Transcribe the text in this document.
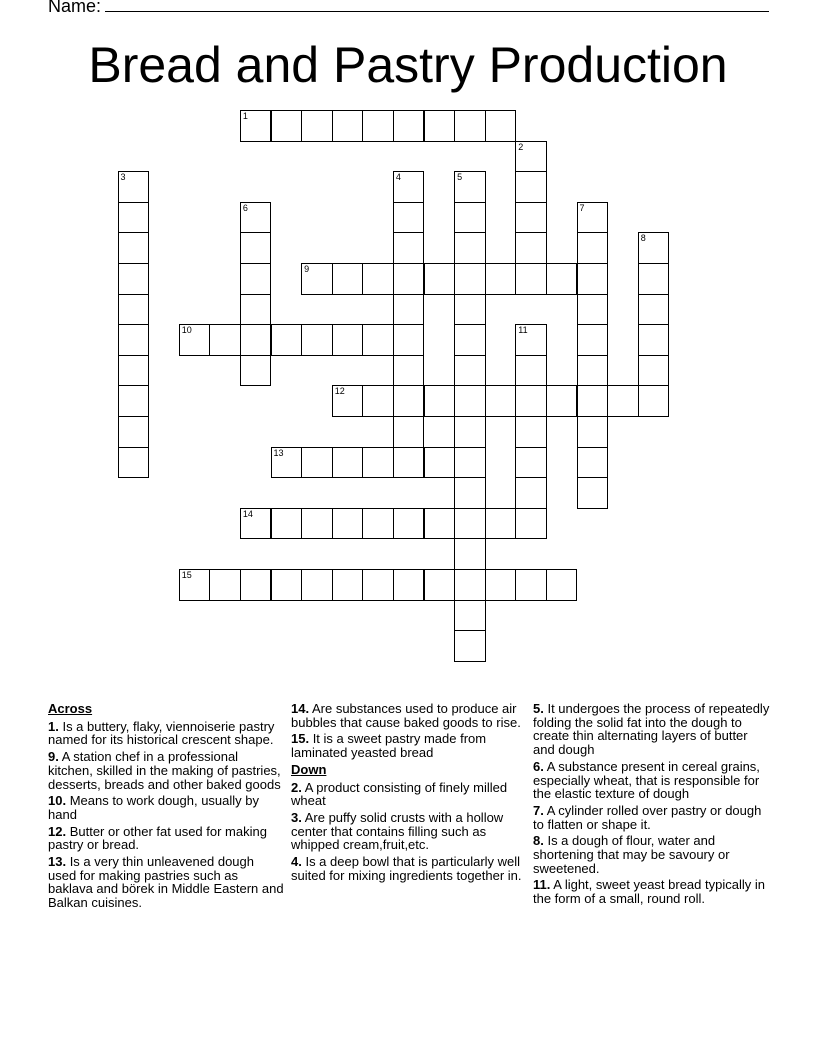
Name:
Bread and Pastry Production
1
2
3	4	5
6	7
8
9
10	11
12
13
14
15
Across
1. Is a buttery, flaky, viennoiserie pastry named for its historical crescent shape.
9. A station chef in a professional kitchen, skilled in the making of pastries, desserts, breads and other baked goods
10. Means to work dough, usually by hand
12. Butter or other fat used for making pastry or bread.
13. Is a very thin unleavened dough used for making pastries such as baklava and börek in Middle Eastern and Balkan cuisines.
14. Are substances used to produce air bubbles that cause baked goods to rise.
15. It is a sweet pastry made from laminated yeasted bread
Down
2. A product consisting of finely milled wheat
3. Are puffy solid crusts with a hollow center that contains filling such as whipped cream,fruit,etc.
4. Is a deep bowl that is particularly well suited for mixing ingredients together in.
5. It undergoes the process of repeatedly folding the solid fat into the dough to create thin alternating layers of butter and dough
6. A substance present in cereal grains, especially wheat, that is responsible for the elastic texture of dough
7. A cylinder rolled over pastry or dough to flatten or shape it.
8. Is a dough of flour, water and shortening that may be savoury or sweetened.
11. A light, sweet yeast bread typically in the form of a small, round roll.
